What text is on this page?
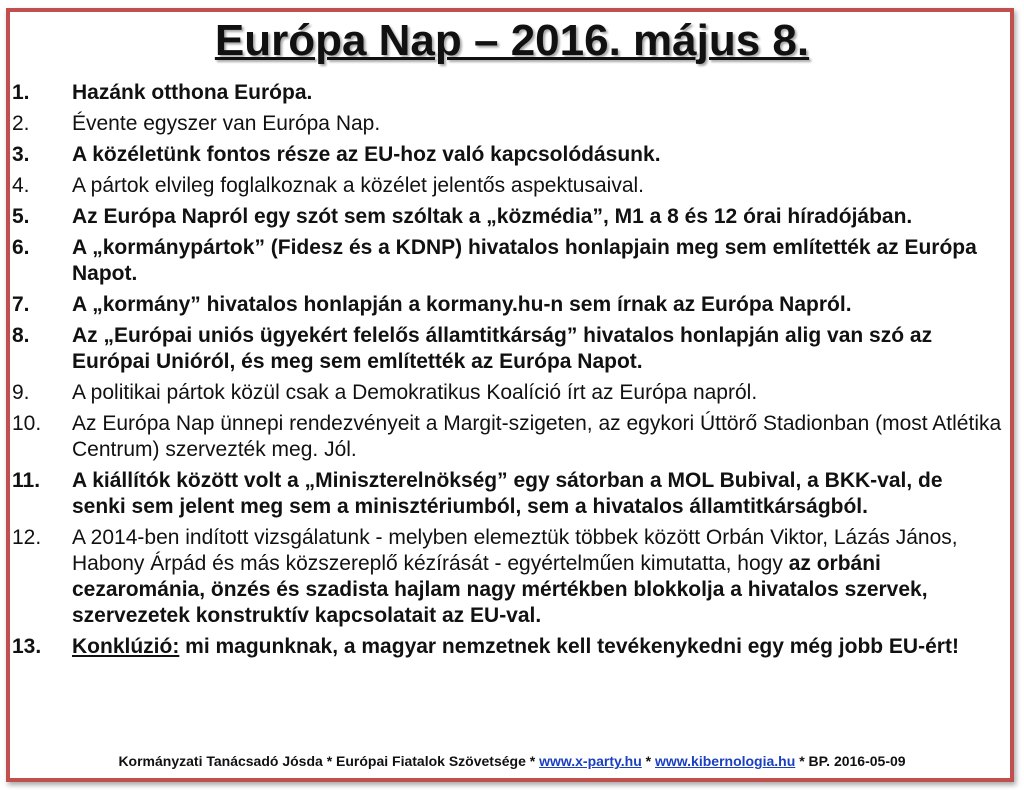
Európa Nap – 2016. május 8.
1.	Hazánk otthona Európa.
2.	Évente egyszer van Európa Nap.
3.	A közéletünk fontos része az EU-hoz való kapcsolódásunk.
4.	A pártok elvileg foglalkoznak a közélet jelentős aspektusaival.
5.	Az Európa Napról egy szót sem szóltak a „közmédia”, M1 a 8 és 12 órai híradójában.
6.	A „kormánypártok” (Fidesz és a KDNP) hivatalos honlapjain meg sem említették az Európa Napot.
7.	A „kormány” hivatalos honlapján a kormany.hu-n sem írnak az Európa Napról.
8.	Az „Európai uniós ügyekért felelős államtitkárság” hivatalos honlapján alig van szó az Európai Unióról, és meg sem említették az Európa Napot.
9.	A politikai pártok közül csak a Demokratikus Koalíció írt az Európa napról.
10.	Az Európa Nap ünnepi rendezvényeit a Margit-szigeten, az egykori Úttörő Stadionban (most Atlétika Centrum) szervezték meg. Jól.
11.	A kiállítók között volt a „Miniszterelnökség” egy sátorban a MOL Bubival, a BKK-val, de senki sem jelent meg sem a minisztériumból, sem a hivatalos államtitkárságból.
12.	A 2014-ben indított vizsgálatunk - melyben elemeztük többek között Orbán Viktor, Lázás János, Habony Árpád és más közszereplő kézírását - egyértelműen kimutatta, hogy az orbáni cezarománia, önzés és szadista hajlam nagy mértékben blokkolja a hivatalos szervek, szervezetek konstruktív kapcsolatait az EU-val.
13.	Konklúzió: mi magunknak, a magyar nemzetnek kell tevékenykedni egy még jobb EU-ért!
Kormányzati Tanácsadó Jósda * Európai Fiatalok Szövetsége * www.x-party.hu * www.kibernologia.hu * BP. 2016-05-09
